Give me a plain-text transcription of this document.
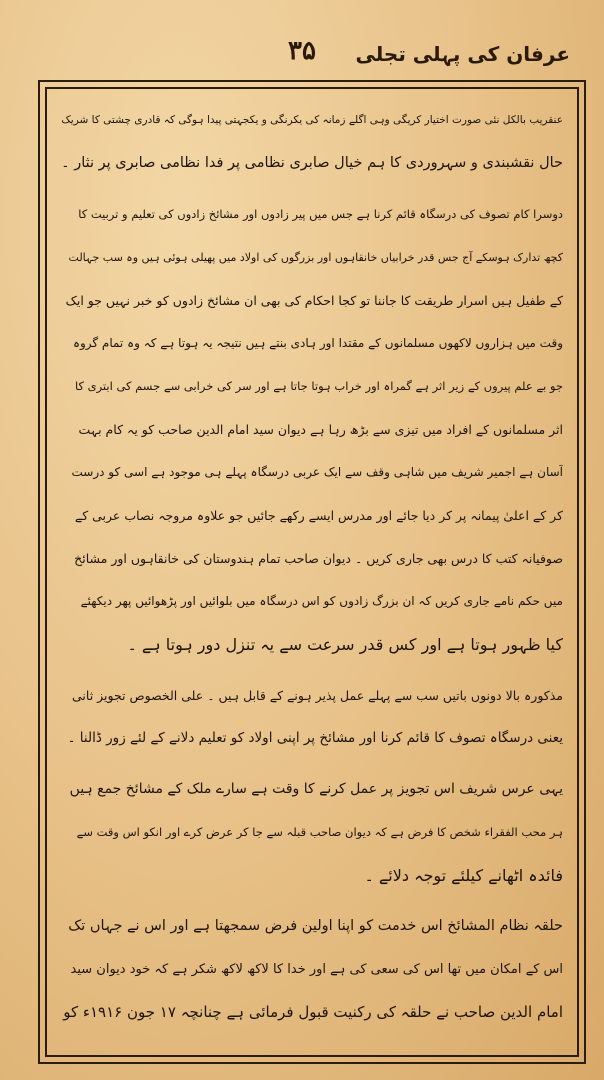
۳۵	عرفان کی پہلی تجلی
عنقریب بالکل نئی صورت اختیار کریگی وہی اگلے زمانہ کی یکرنگی و یکجہتی پیدا ہوگی کہ قادری چشتی کا شریک
حال نقشبندی و سہروردی کا ہم خیال صابری نظامی پر فدا نظامی صابری پر نثار ۔
دوسرا کام تصوف کی درسگاہ قائم کرنا ہے جس میں پیر زادوں اور مشائخ زادوں کی تعلیم و تربیت کا
کچھ تدارک ہوسکے آج جس قدر خرابیاں خانقاہوں اور بزرگوں کی اولاد میں پھیلی ہوئی ہیں وہ سب جہالت
کے طفیل ہیں اسرار طریقت کا جاننا تو کجا احکام کی بھی ان مشائخ زادوں کو خبر نہیں جو ایک
وقت میں ہزاروں لاکھوں مسلمانوں کے مقتدا اور ہادی بنتے ہیں نتیجہ یہ ہوتا ہے کہ وہ تمام گروہ
جو بے علم پیروں کے زیر اثر ہے گمراہ اور خراب ہوتا جاتا ہے اور سر کی خرابی سے جسم کی ابتری کا
اثر مسلمانوں کے افراد میں تیزی سے بڑھ رہا ہے دیوان سید امام الدین صاحب کو یہ کام بہت
آسان ہے اجمیر شریف میں شاہی وقف سے ایک عربی درسگاہ پہلے ہی موجود ہے اسی کو درست
کر کے اعلیٰ پیمانہ پر کر دیا جائے اور مدرس ایسے رکھے جائیں جو علاوہ مروجہ نصاب عربی کے
صوفیانہ کتب کا درس بھی جاری کریں ۔ دیوان صاحب تمام ہندوستان کی خانقاہوں اور مشائخ
میں حکم نامے جاری کریں کہ ان بزرگ زادوں کو اس درسگاہ میں بلوائیں اور پڑھوائیں پھر دیکھئے
کیا ظہور ہوتا ہے اور کس قدر سرعت سے یہ تنزل دور ہوتا ہے ۔
مذکورہ بالا دونوں باتیں سب سے پہلے عمل پذیر ہونے کے قابل ہیں ۔ علی الخصوص تجویز ثانی
یعنی درسگاہ تصوف کا قائم کرنا اور مشائخ پر اپنی اولاد کو تعلیم دلانے کے لئے زور ڈالنا ۔
یہی عرس شریف اس تجویز پر عمل کرنے کا وقت ہے سارے ملک کے مشائخ جمع ہیں
ہر محب الفقراء شخص کا فرض ہے کہ دیوان صاحب قبلہ سے جا کر عرض کرے اور انکو اس وقت سے
فائدہ اٹھانے کیلئے توجہ دلائے ۔
حلقہ نظام المشائخ اس خدمت کو اپنا اولین فرض سمجھتا ہے اور اس نے جہاں تک
اس کے امکان میں تھا اس کی سعی کی ہے اور خدا کا لاکھ لاکھ شکر ہے کہ خود دیوان سید
امام الدین صاحب نے حلقہ کی رکنیت قبول فرمائی ہے چنانچہ ۱۷ جون ۱۹۱۶ء کو
